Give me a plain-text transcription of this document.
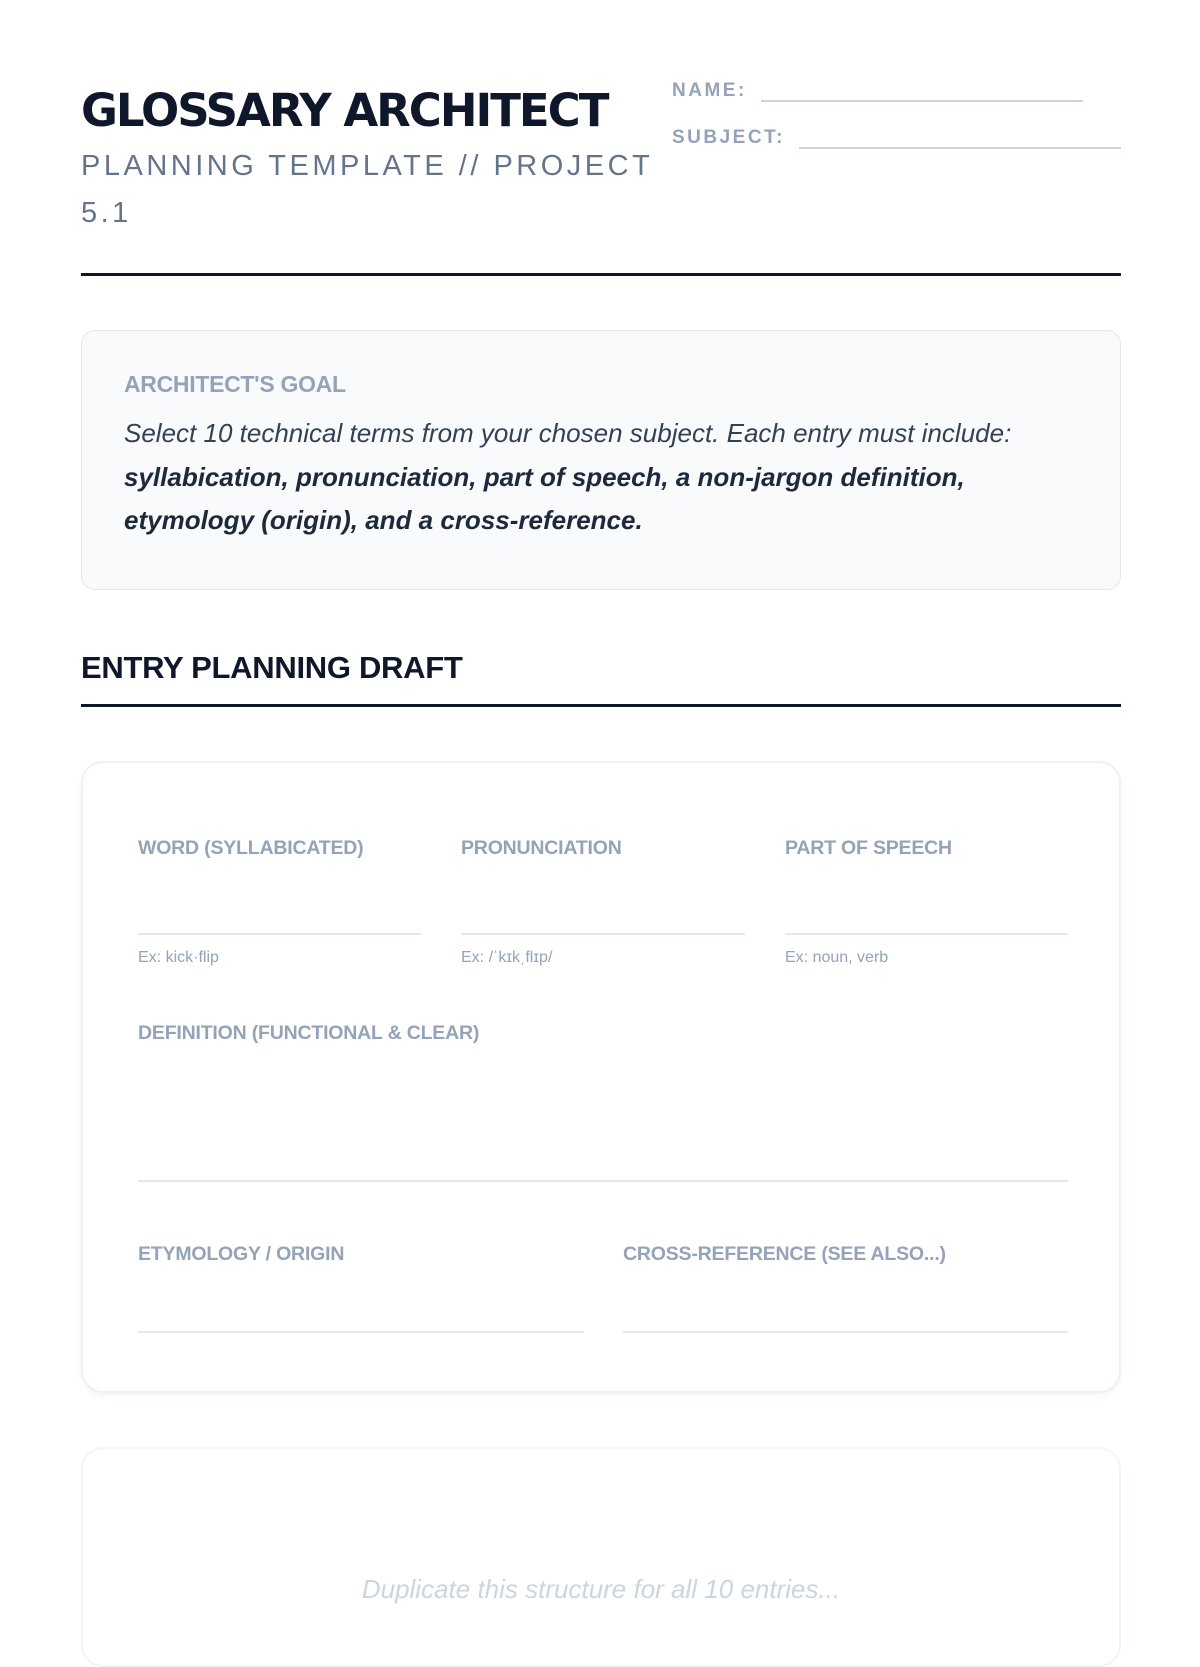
GLOSSARY ARCHITECT
PLANNING TEMPLATE // PROJECT 5.1
NAME:
SUBJECT:
ARCHITECT'S GOAL

Select 10 technical terms from your chosen subject. Each entry must include: syllabication, pronunciation, part of speech, a non-jargon definition, etymology (origin), and a cross-reference.

ENTRY PLANNING DRAFT
WORD (SYLLABICATED)
Ex: kick·flip
PRONUNCIATION
Ex: /ˈkɪkˌflɪp/
PART OF SPEECH
Ex: noun, verb
DEFINITION (FUNCTIONAL & CLEAR)
ETYMOLOGY / ORIGIN	CROSS-REFERENCE (SEE ALSO...)
Duplicate this structure for all 10 entries...
